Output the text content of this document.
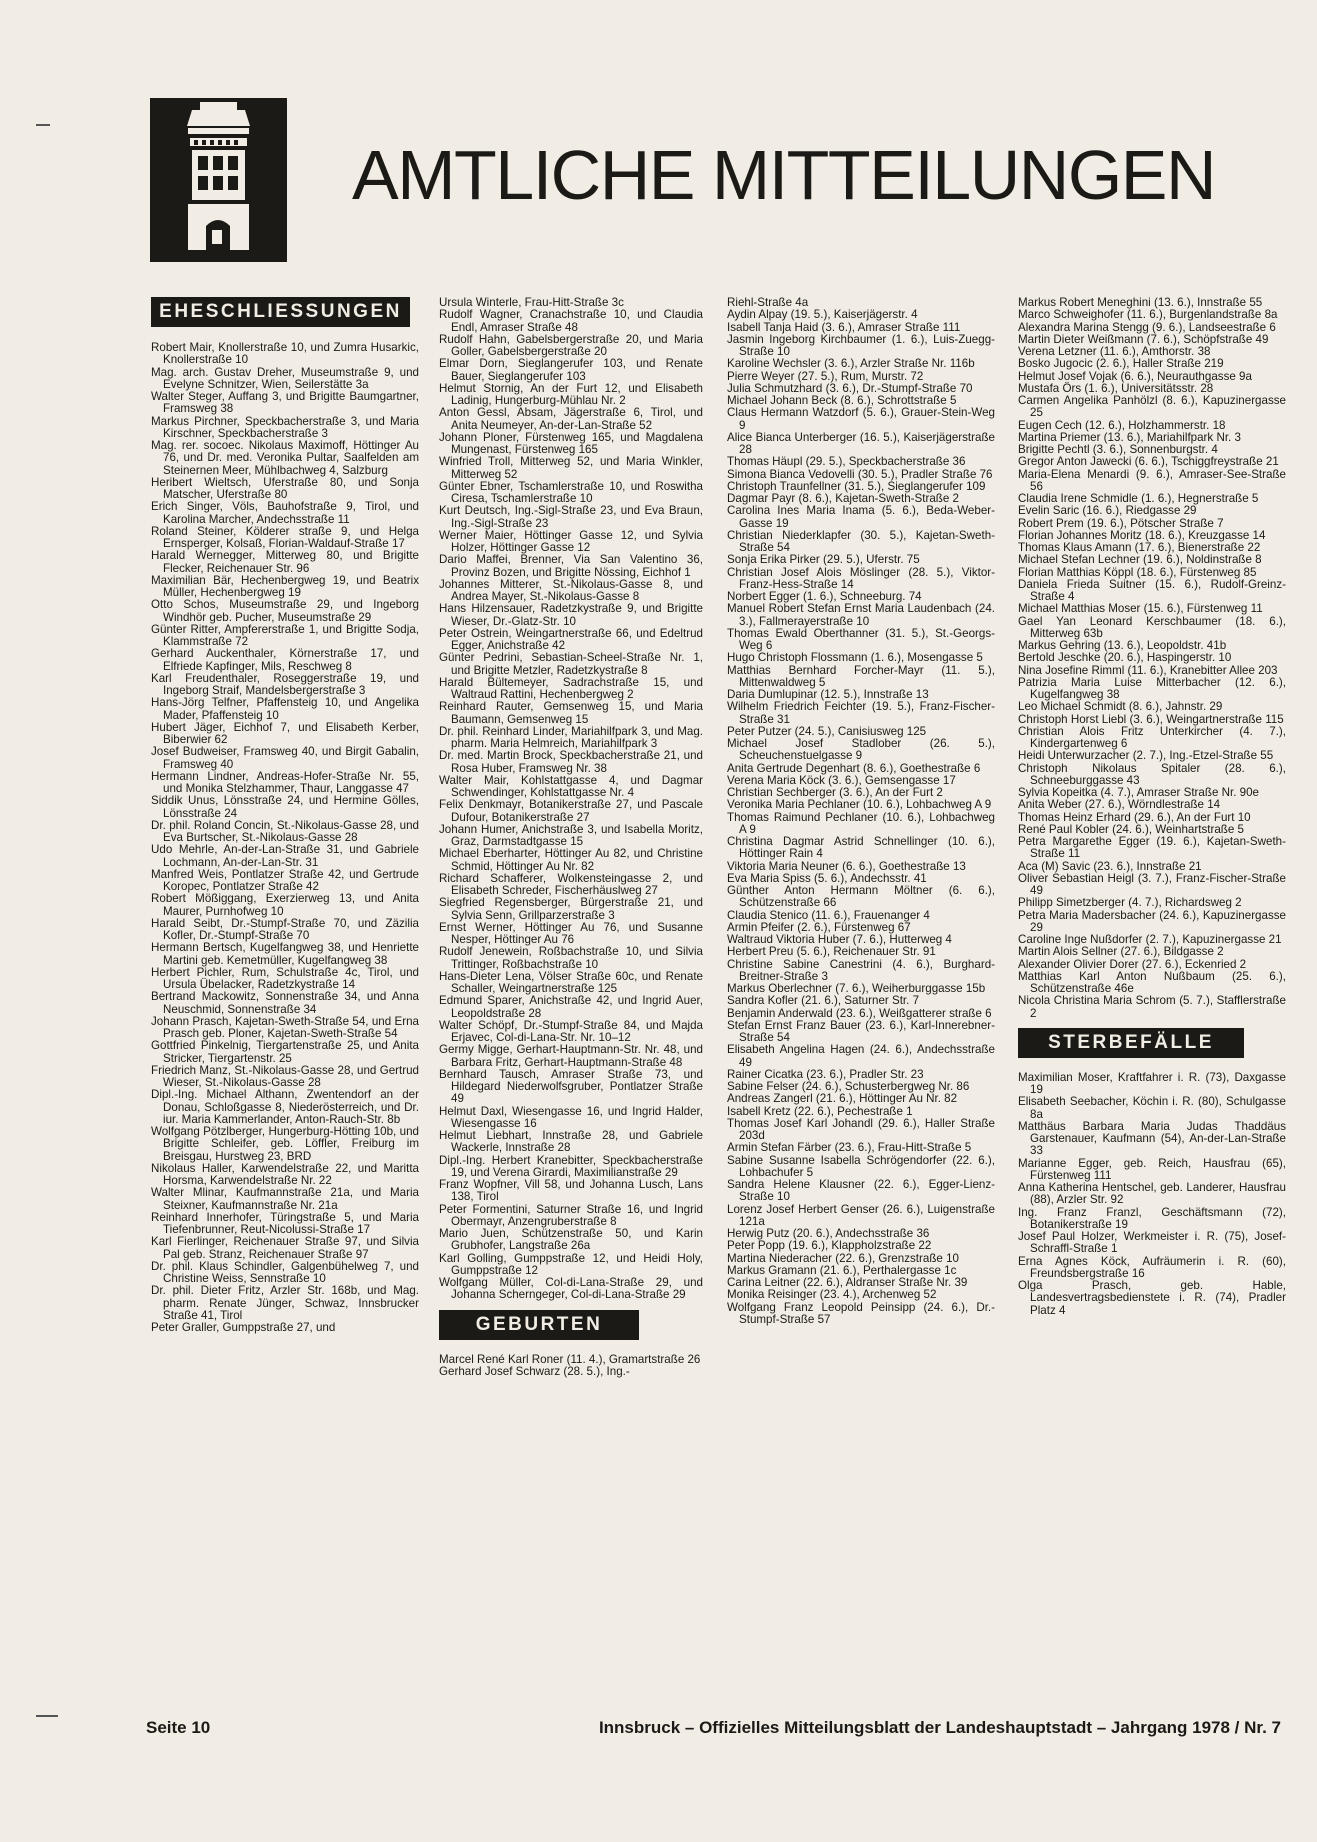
AMTLICHE MITTEILUNGEN
EHESCHLIESSUNGEN

Robert Mair, Knollerstraße 10, und Zumra Husarkic, Knollerstraße 10

Mag. arch. Gustav Dreher, Museumstraße 9, und Evelyne Schnitzer, Wien, Seilerstätte 3a

Walter Steger, Auffang 3, und Brigitte Baumgartner, Framsweg 38

Markus Pirchner, Speckbacherstraße 3, und Maria Kirschner, Speckbacherstraße 3

Mag. rer. socoec. Nikolaus Maximoff, Höttinger Au 76, und Dr. med. Veronika Pultar, Saalfelden am Steinernen Meer, Mühlbachweg 4, Salzburg

Heribert Wieltsch, Uferstraße 80, und Sonja Matscher, Uferstraße 80

Erich Singer, Völs, Bauhofstraße 9, Tirol, und Karolina Marcher, Andechsstraße 11

Roland Steiner, Kölderer straße 9, und Helga Ernsperger, Kolsaß, Florian-Waldauf-Straße 17

Harald Wernegger, Mitterweg 80, und Brigitte Flecker, Reichenauer Str. 96

Maximilian Bär, Hechenbergweg 19, und Beatrix Müller, Hechenbergweg 19

Otto Schos, Museumstraße 29, und Ingeborg Windhör geb. Pucher, Museumstraße 29

Günter Ritter, Ampfererstraße 1, und Brigitte Sodja, Klammstraße 72

Gerhard Auckenthaler, Körnerstraße 17, und Elfriede Kapfinger, Mils, Reschweg 8

Karl Freudenthaler, Roseggerstraße 19, und Ingeborg Straif, Mandelsbergerstraße 3

Hans-Jörg Telfner, Pfaffensteig 10, und Angelika Mader, Pfaffensteig 10

Hubert Jäger, Eichhof 7, und Elisabeth Kerber, Biberwier 62

Josef Budweiser, Framsweg 40, und Birgit Gabalin, Framsweg 40

Hermann Lindner, Andreas-Hofer-Straße Nr. 55, und Monika Stelzhammer, Thaur, Langgasse 47

Siddik Unus, Lönsstraße 24, und Hermine Gölles, Lönsstraße 24

Dr. phil. Roland Concin, St.-Nikolaus-Gasse 28, und Eva Burtscher, St.-Nikolaus-Gasse 28

Udo Mehrle, An-der-Lan-Straße 31, und Gabriele Lochmann, An-der-Lan-Str. 31

Manfred Weis, Pontlatzer Straße 42, und Gertrude Koropec, Pontlatzer Straße 42

Robert Mößiggang, Exerzierweg 13, und Anita Maurer, Purnhofweg 10

Harald Seibt, Dr.-Stumpf-Straße 70, und Zäzilia Kofler, Dr.-Stumpf-Straße 70

Hermann Bertsch, Kugelfangweg 38, und Henriette Martini geb. Kemetmüller, Kugelfangweg 38

Herbert Pichler, Rum, Schulstraße 4c, Tirol, und Ursula Übelacker, Radetzkystraße 14

Bertrand Mackowitz, Sonnenstraße 34, und Anna Neuschmid, Sonnenstraße 34

Johann Prasch, Kajetan-Sweth-Straße 54, und Erna Prasch geb. Ploner, Kajetan-Sweth-Straße 54

Gottfried Pinkelnig, Tiergartenstraße 25, und Anita Stricker, Tiergartenstr. 25

Friedrich Manz, St.-Nikolaus-Gasse 28, und Gertrud Wieser, St.-Nikolaus-Gasse 28

Dipl.-Ing. Michael Althann, Zwentendorf an der Donau, Schloßgasse 8, Niederösterreich, und Dr. iur. Maria Kammerlander, Anton-Rauch-Str. 8b

Wolfgang Pötzlberger, Hungerburg-Hötting 10b, und Brigitte Schleifer, geb. Löffler, Freiburg im Breisgau, Hurstweg 23, BRD

Nikolaus Haller, Karwendelstraße 22, und Maritta Horsma, Karwendelstraße Nr. 22

Walter Mlinar, Kaufmannstraße 21a, und Maria Steixner, Kaufmannstraße Nr. 21a

Reinhard Innerhofer, Türingstraße 5, und Maria Tiefenbrunner, Reut-Nicolussi-Straße 17

Karl Fierlinger, Reichenauer Straße 97, und Silvia Pal geb. Stranz, Reichenauer Straße 97

Dr. phil. Klaus Schindler, Galgenbühelweg 7, und Christine Weiss, Sennstraße 10

Dr. phil. Dieter Fritz, Arzler Str. 168b, und Mag. pharm. Renate Jünger, Schwaz, Innsbrucker Straße 41, Tirol

Peter Graller, Gumppstraße 27, und

Ursula Winterle, Frau-Hitt-Straße 3c

Rudolf Wagner, Cranachstraße 10, und Claudia Endl, Amraser Straße 48

Rudolf Hahn, Gabelsbergerstraße 20, und Maria Goller, Gabelsbergerstraße 20

Elmar Dorn, Sieglangerufer 103, und Renate Bauer, Sieglangerufer 103

Helmut Stornig, An der Furt 12, und Elisabeth Ladinig, Hungerburg-Mühlau Nr. 2

Anton Gessl, Absam, Jägerstraße 6, Tirol, und Anita Neumeyer, An-der-Lan-Straße 52

Johann Ploner, Fürstenweg 165, und Magdalena Mungenast, Fürstenweg 165

Winfried Troll, Mitterweg 52, und Maria Winkler, Mitterweg 52

Günter Ebner, Tschamlerstraße 10, und Roswitha Ciresa, Tschamlerstraße 10

Kurt Deutsch, Ing.-Sigl-Straße 23, und Eva Braun, Ing.-Sigl-Straße 23

Werner Maier, Höttinger Gasse 12, und Sylvia Holzer, Höttinger Gasse 12

Dario Maffei, Brenner, Via San Valentino 36, Provinz Bozen, und Brigitte Nössing, Eichhof 1

Johannes Mitterer, St.-Nikolaus-Gasse 8, und Andrea Mayer, St.-Nikolaus-Gasse 8

Hans Hilzensauer, Radetzkystraße 9, und Brigitte Wieser, Dr.-Glatz-Str. 10

Peter Ostrein, Weingartnerstraße 66, und Edeltrud Egger, Anichstraße 42

Günter Pedrini, Sebastian-Scheel-Straße Nr. 1, und Brigitte Metzler, Radetzkystraße 8

Harald Bültemeyer, Sadrachstraße 15, und Waltraud Rattini, Hechenbergweg 2

Reinhard Rauter, Gemsenweg 15, und Maria Baumann, Gemsenweg 15

Dr. phil. Reinhard Linder, Mariahilfpark 3, und Mag. pharm. Maria Helmreich, Mariahilfpark 3

Dr. med. Martin Brock, Speckbacherstraße 21, und Rosa Huber, Framsweg Nr. 38

Walter Mair, Kohlstattgasse 4, und Dagmar Schwendinger, Kohlstattgasse Nr. 4

Felix Denkmayr, Botanikerstraße 27, und Pascale Dufour, Botanikerstraße 27

Johann Humer, Anichstraße 3, und Isabella Moritz, Graz, Darmstadtgasse 15

Michael Eberharter, Höttinger Au 82, und Christine Schmid, Höttinger Au Nr. 82

Richard Schafferer, Wolkensteingasse 2, und Elisabeth Schreder, Fischerhäuslweg 27

Siegfried Regensberger, Bürgerstraße 21, und Sylvia Senn, Grillparzerstraße 3

Ernst Werner, Höttinger Au 76, und Susanne Nesper, Höttinger Au 76

Rudolf Jenewein, Roßbachstraße 10, und Silvia Trittinger, Roßbachstraße 10

Hans-Dieter Lena, Völser Straße 60c, und Renate Schaller, Weingartnerstraße 125

Edmund Sparer, Anichstraße 42, und Ingrid Auer, Leopoldstraße 28

Walter Schöpf, Dr.-Stumpf-Straße 84, und Majda Erjavec, Col-di-Lana-Str. Nr. 10–12

Germy Migge, Gerhart-Hauptmann-Str. Nr. 48, und Barbara Fritz, Gerhart-Hauptmann-Straße 48

Bernhard Tausch, Amraser Straße 73, und Hildegard Niederwolfsgruber, Pontlatzer Straße 49

Helmut Daxl, Wiesengasse 16, und Ingrid Halder, Wiesengasse 16

Helmut Liebhart, Innstraße 28, und Gabriele Wackerle, Innstraße 28

Dipl.-Ing. Herbert Kranebitter, Speckbacherstraße 19, und Verena Girardi, Maximilianstraße 29

Franz Wopfner, Vill 58, und Johanna Lusch, Lans 138, Tirol

Peter Formentini, Saturner Straße 16, und Ingrid Obermayr, Anzengruberstraße 8

Mario Juen, Schützenstraße 50, und Karin Grubhofer, Langstraße 26a

Karl Golling, Gumppstraße 12, und Heidi Holy, Gumppstraße 12

Wolfgang Müller, Col-di-Lana-Straße 29, und Johanna Scherngeger, Col-di-Lana-Straße 29

GEBURTEN

Marcel René Karl Roner (11. 4.), Gramartstraße 26

Gerhard Josef Schwarz (28. 5.), Ing.-

Riehl-Straße 4a

Aydin Alpay (19. 5.), Kaiserjägerstr. 4

Isabell Tanja Haid (3. 6.), Amraser Straße 111

Jasmin Ingeborg Kirchbaumer (1. 6.), Luis-Zuegg-Straße 10

Karoline Wechsler (3. 6.), Arzler Straße Nr. 116b

Pierre Weyer (27. 5.), Rum, Murstr. 72

Julia Schmutzhard (3. 6.), Dr.-Stumpf-Straße 70

Michael Johann Beck (8. 6.), Schrottstraße 5

Claus Hermann Watzdorf (5. 6.), Grauer-Stein-Weg 9

Alice Bianca Unterberger (16. 5.), Kaiserjägerstraße 28

Thomas Häupl (29. 5.), Speckbacherstraße 36

Simona Bianca Vedovelli (30. 5.), Pradler Straße 76

Christoph Traunfellner (31. 5.), Sieglangerufer 109

Dagmar Payr (8. 6.), Kajetan-Sweth-Straße 2

Carolina Ines Maria Inama (5. 6.), Beda-Weber-Gasse 19

Christian Niederklapfer (30. 5.), Kajetan-Sweth-Straße 54

Sonja Erika Pirker (29. 5.), Uferstr. 75

Christian Josef Alois Möslinger (28. 5.), Viktor-Franz-Hess-Straße 14

Norbert Egger (1. 6.), Schneeburg. 74

Manuel Robert Stefan Ernst Maria Laudenbach (24. 3.), Fallmerayerstraße 10

Thomas Ewald Oberthanner (31. 5.), St.-Georgs-Weg 6

Hugo Christoph Flossmann (1. 6.), Mosengasse 5

Matthias Bernhard Forcher-Mayr (11. 5.), Mittenwaldweg 5

Daria Dumlupinar (12. 5.), Innstraße 13

Wilhelm Friedrich Feichter (19. 5.), Franz-Fischer-Straße 31

Peter Putzer (24. 5.), Canisiusweg 125

Michael Josef Stadlober (26. 5.), Scheuchenstuelgasse 9

Anita Gertrude Degenhart (8. 6.), Goethestraße 6

Verena Maria Köck (3. 6.), Gemsengasse 17

Christian Sechberger (3. 6.), An der Furt 2

Veronika Maria Pechlaner (10. 6.), Lohbachweg A 9

Thomas Raimund Pechlaner (10. 6.), Lohbachweg A 9

Christina Dagmar Astrid Schnellinger (10. 6.), Höttinger Rain 4

Viktoria Maria Neuner (6. 6.), Goethestraße 13

Eva Maria Spiss (5. 6.), Andechsstr. 41

Günther Anton Hermann Möltner (6. 6.), Schützenstraße 66

Claudia Stenico (11. 6.), Frauenanger 4

Armin Pfeifer (2. 6.), Fürstenweg 67

Waltraud Viktoria Huber (7. 6.), Hutterweg 4

Herbert Preu (5. 6.), Reichenauer Str. 91

Christine Sabine Canestrini (4. 6.), Burghard-Breitner-Straße 3

Markus Oberlechner (7. 6.), Weiherburggasse 15b

Sandra Kofler (21. 6.), Saturner Str. 7

Benjamin Anderwald (23. 6.), Weißgatterer straße 6

Stefan Ernst Franz Bauer (23. 6.), Karl-Innerebner-Straße 54

Elisabeth Angelina Hagen (24. 6.), Andechsstraße 49

Rainer Cicatka (23. 6.), Pradler Str. 23

Sabine Felser (24. 6.), Schusterbergweg Nr. 86

Andreas Zangerl (21. 6.), Höttinger Au Nr. 82

Isabell Kretz (22. 6.), Pechestraße 1

Thomas Josef Karl Johandl (29. 6.), Haller Straße 203d

Armin Stefan Färber (23. 6.), Frau-Hitt-Straße 5

Sabine Susanne Isabella Schrögendorfer (22. 6.), Lohbachufer 5

Sandra Helene Klausner (22. 6.), Egger-Lienz-Straße 10

Lorenz Josef Herbert Genser (26. 6.), Luigenstraße 121a

Herwig Putz (20. 6.), Andechsstraße 36

Peter Popp (19. 6.), Klappholzstraße 22

Martina Niederacher (22. 6.), Grenzstraße 10

Markus Gramann (21. 6.), Perthalergasse 1c

Carina Leitner (22. 6.), Aldranser Straße Nr. 39

Monika Reisinger (23. 4.), Archenweg 52

Wolfgang Franz Leopold Peinsipp (24. 6.), Dr.-Stumpf-Straße 57

Markus Robert Meneghini (13. 6.), Innstraße 55

Marco Schweighofer (11. 6.), Burgenlandstraße 8a

Alexandra Marina Stengg (9. 6.), Landseestraße 6

Martin Dieter Weißmann (7. 6.), Schöpfstraße 49

Verena Letzner (11. 6.), Amthorstr. 38

Bosko Jugocic (2. 6.), Haller Straße 219

Helmut Josef Vojak (6. 6.), Neurauthgasse 9a

Mustafa Örs (1. 6.), Universitätsstr. 28

Carmen Angelika Panhölzl (8. 6.), Kapuzinergasse 25

Eugen Cech (12. 6.), Holzhammerstr. 18

Martina Priemer (13. 6.), Mariahilfpark Nr. 3

Brigitte Pechtl (3. 6.), Sonnenburgstr. 4

Gregor Anton Jawecki (6. 6.), Tschiggfreystraße 21

Maria-Elena Menardi (9. 6.), Amraser-See-Straße 56

Claudia Irene Schmidle (1. 6.), Hegnerstraße 5

Evelin Saric (16. 6.), Riedgasse 29

Robert Prem (19. 6.), Pötscher Straße 7

Florian Johannes Moritz (18. 6.), Kreuzgasse 14

Thomas Klaus Amann (17. 6.), Bienerstraße 22

Michael Stefan Lechner (19. 6.), Noldinstraße 8

Florian Matthias Köppl (18. 6.), Fürstenweg 85

Daniela Frieda Suitner (15. 6.), Rudolf-Greinz-Straße 4

Michael Matthias Moser (15. 6.), Fürstenweg 11

Gael Yan Leonard Kerschbaumer (18. 6.), Mitterweg 63b

Markus Gehring (13. 6.), Leopoldstr. 41b

Bertold Jeschke (20. 6.), Haspingerstr. 10

Nina Josefine Rimml (11. 6.), Kranebitter Allee 203

Patrizia Maria Luise Mitterbacher (12. 6.), Kugelfangweg 38

Leo Michael Schmidt (8. 6.), Jahnstr. 29

Christoph Horst Liebl (3. 6.), Weingartnerstraße 115

Christian Alois Fritz Unterkircher (4. 7.), Kindergartenweg 6

Heidi Unterwurzacher (2. 7.), Ing.-Etzel-Straße 55

Christoph Nikolaus Spitaler (28. 6.), Schneeburggasse 43

Sylvia Kopeitka (4. 7.), Amraser Straße Nr. 90e

Anita Weber (27. 6.), Wörndlestraße 14

Thomas Heinz Erhard (29. 6.), An der Furt 10

René Paul Kobler (24. 6.), Weinhartstraße 5

Petra Margarethe Egger (19. 6.), Kajetan-Sweth-Straße 11

Aca (M) Savic (23. 6.), Innstraße 21

Oliver Sebastian Heigl (3. 7.), Franz-Fischer-Straße 49

Philipp Simetzberger (4. 7.), Richardsweg 2

Petra Maria Madersbacher (24. 6.), Kapuzinergasse 29

Caroline Inge Nußdorfer (2. 7.), Kapuzinergasse 21

Martin Alois Sellner (27. 6.), Bildgasse 2

Alexander Olivier Dorer (27. 6.), Eckenried 2

Matthias Karl Anton Nußbaum (25. 6.), Schützenstraße 46e

Nicola Christina Maria Schrom (5. 7.), Stafflerstraße 2

STERBEFÄLLE

Maximilian Moser, Kraftfahrer i. R. (73), Daxgasse 19

Elisabeth Seebacher, Köchin i. R. (80), Schulgasse 8a

Matthäus Barbara Maria Judas Thaddäus Garstenauer, Kaufmann (54), An-der-Lan-Straße 33

Marianne Egger, geb. Reich, Hausfrau (65), Fürstenweg 111

Anna Katherina Hentschel, geb. Landerer, Hausfrau (88), Arzler Str. 92

Ing. Franz Franzl, Geschäftsmann (72), Botanikerstraße 19

Josef Paul Holzer, Werkmeister i. R. (75), Josef-Schraffl-Straße 1

Erna Agnes Köck, Aufräumerin i. R. (60), Freundsbergstraße 16

Olga Prasch, geb. Hable, Landesvertragsbedienstete i. R. (74), Pradler Platz 4

Seite 10	Innsbruck – Offizielles Mitteilungsblatt der Landeshauptstadt – Jahrgang 1978 / Nr. 7
